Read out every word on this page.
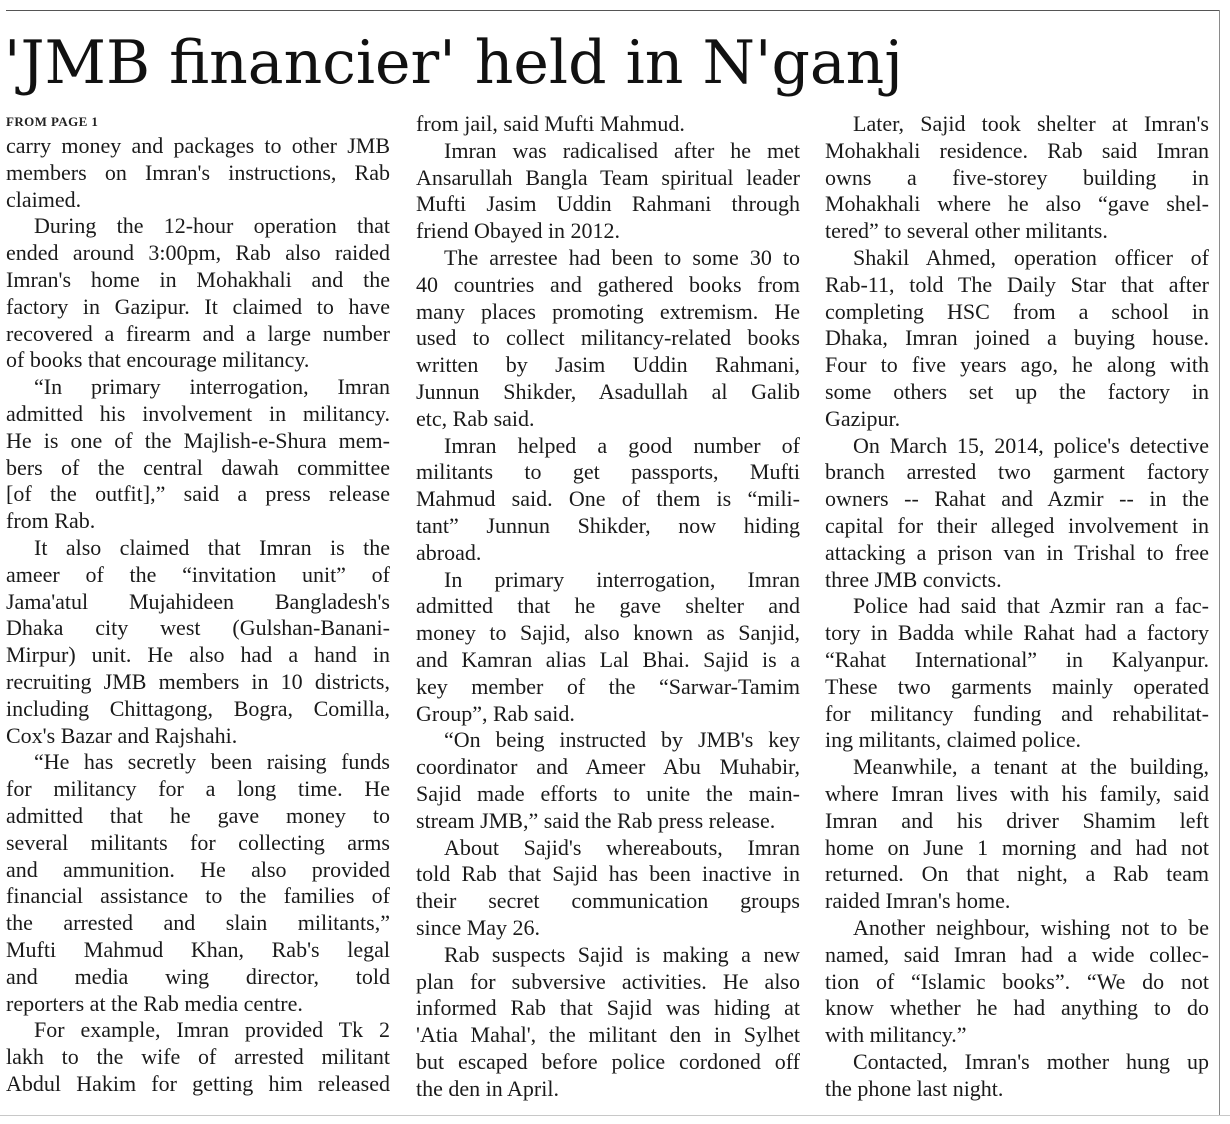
'JMB financier' held in N'ganj
FROM PAGE 1
carry money and packages to other JMB
members on Imran's instructions, Rab
claimed.
During the 12-hour operation that
ended around 3:00pm, Rab also raided
Imran's home in Mohakhali and the
factory in Gazipur. It claimed to have
recovered a firearm and a large number
of books that encourage militancy.
“In primary interrogation, Imran
admitted his involvement in militancy.
He is one of the Majlish-e-Shura mem-
bers of the central dawah committee
[of the outfit],” said a press release
from Rab.
It also claimed that Imran is the
ameer of the “invitation unit” of
Jama'atul Mujahideen Bangladesh's
Dhaka city west (Gulshan-Banani-
Mirpur) unit. He also had a hand in
recruiting JMB members in 10 districts,
including Chittagong, Bogra, Comilla,
Cox's Bazar and Rajshahi.
“He has secretly been raising funds
for militancy for a long time. He
admitted that he gave money to
several militants for collecting arms
and ammunition. He also provided
financial assistance to the families of
the arrested and slain militants,”
Mufti Mahmud Khan, Rab's legal
and media wing director, told
reporters at the Rab media centre.
For example, Imran provided Tk 2
lakh to the wife of arrested militant
Abdul Hakim for getting him released
from jail, said Mufti Mahmud.
Imran was radicalised after he met
Ansarullah Bangla Team spiritual leader
Mufti Jasim Uddin Rahmani through
friend Obayed in 2012.
The arrestee had been to some 30 to
40 countries and gathered books from
many places promoting extremism. He
used to collect militancy-related books
written by Jasim Uddin Rahmani,
Junnun Shikder, Asadullah al Galib
etc, Rab said.
Imran helped a good number of
militants to get passports, Mufti
Mahmud said. One of them is “mili-
tant” Junnun Shikder, now hiding
abroad.
In primary interrogation, Imran
admitted that he gave shelter and
money to Sajid, also known as Sanjid,
and Kamran alias Lal Bhai. Sajid is a
key member of the “Sarwar-Tamim
Group”, Rab said.
“On being instructed by JMB's key
coordinator and Ameer Abu Muhabir,
Sajid made efforts to unite the main-
stream JMB,” said the Rab press release.
About Sajid's whereabouts, Imran
told Rab that Sajid has been inactive in
their secret communication groups
since May 26.
Rab suspects Sajid is making a new
plan for subversive activities. He also
informed Rab that Sajid was hiding at
'Atia Mahal', the militant den in Sylhet
but escaped before police cordoned off
the den in April.
Later, Sajid took shelter at Imran's
Mohakhali residence. Rab said Imran
owns a five-storey building in
Mohakhali where he also “gave shel-
tered” to several other militants.
Shakil Ahmed, operation officer of
Rab-11, told The Daily Star that after
completing HSC from a school in
Dhaka, Imran joined a buying house.
Four to five years ago, he along with
some others set up the factory in
Gazipur.
On March 15, 2014, police's detective
branch arrested two garment factory
owners -- Rahat and Azmir -- in the
capital for their alleged involvement in
attacking a prison van in Trishal to free
three JMB convicts.
Police had said that Azmir ran a fac-
tory in Badda while Rahat had a factory
“Rahat International” in Kalyanpur.
These two garments mainly operated
for militancy funding and rehabilitat-
ing militants, claimed police.
Meanwhile, a tenant at the building,
where Imran lives with his family, said
Imran and his driver Shamim left
home on June 1 morning and had not
returned. On that night, a Rab team
raided Imran's home.
Another neighbour, wishing not to be
named, said Imran had a wide collec-
tion of “Islamic books”. “We do not
know whether he had anything to do
with militancy.”
Contacted, Imran's mother hung up
the phone last night.
